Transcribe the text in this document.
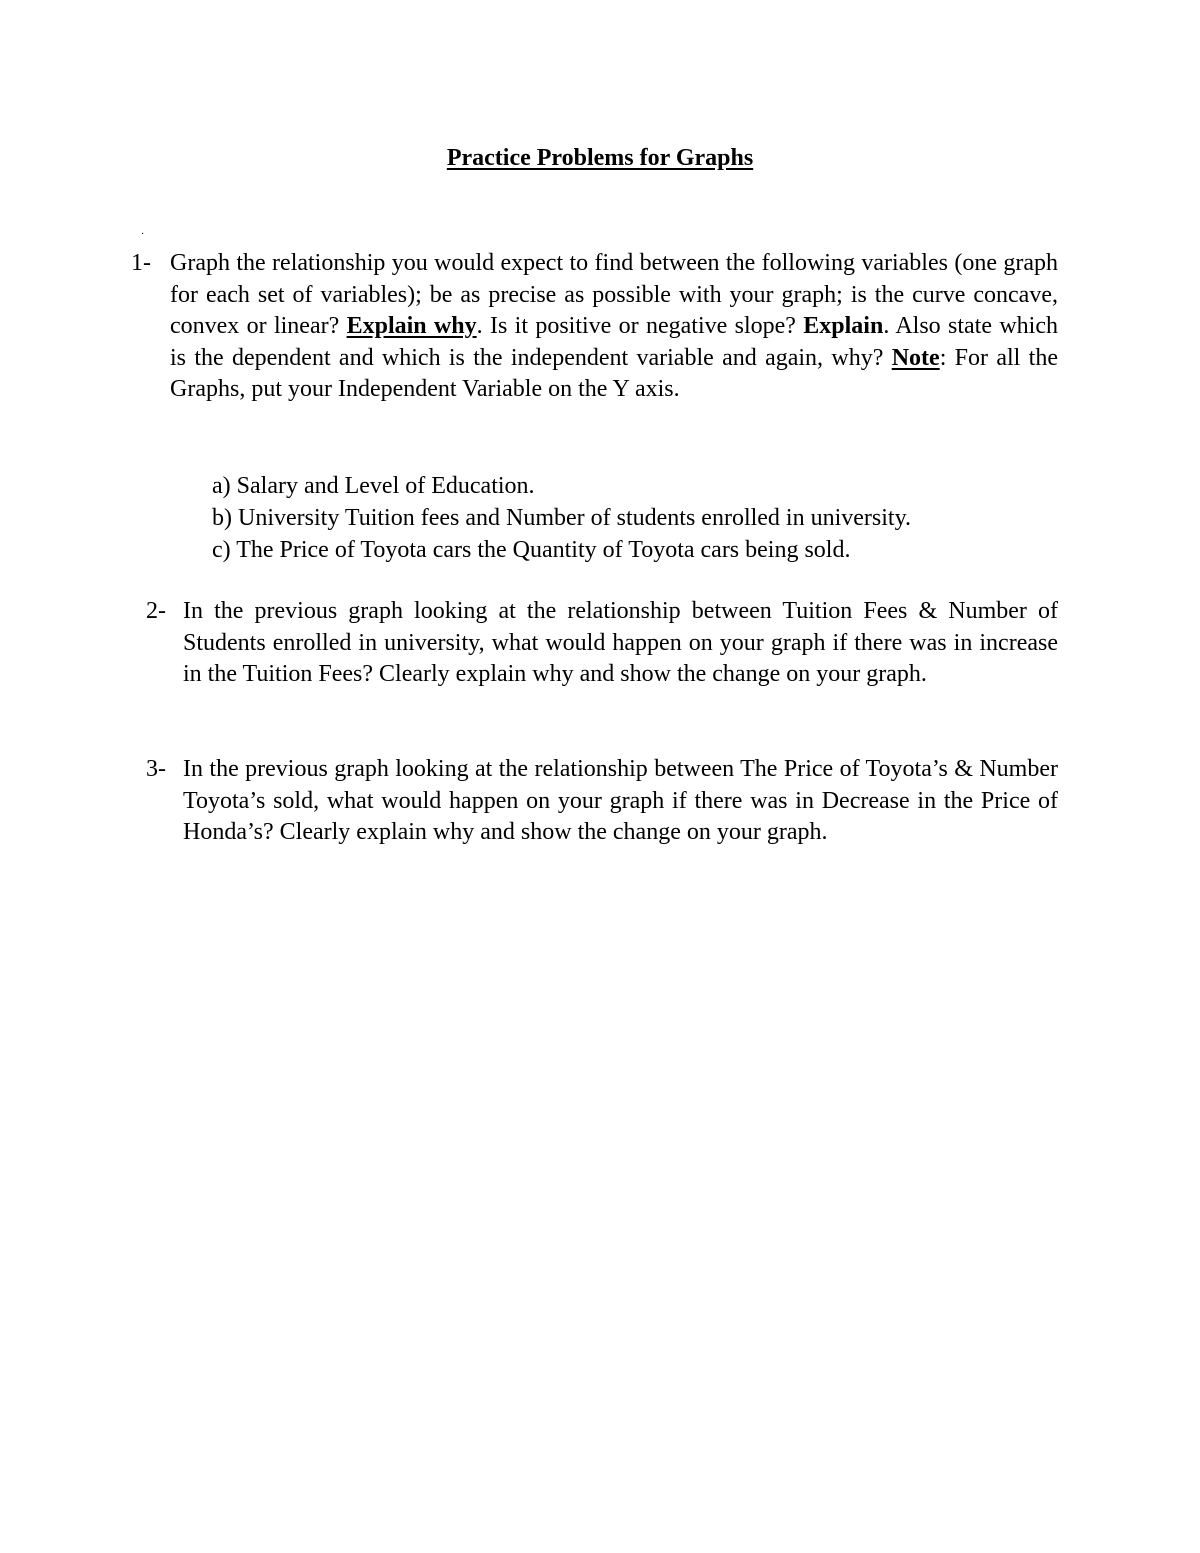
Practice Problems for Graphs
·
1- Graph the relationship you would expect to find between the following variables (one graph for each set of variables); be as precise as possible with your graph; is the curve concave, convex or linear? Explain why. Is it positive or negative slope? Explain. Also state which is the dependent and which is the independent variable and again, why? Note: For all the Graphs, put your Independent Variable on the Y axis.
a) Salary and Level of Education.
b) University Tuition fees and Number of students enrolled in university.
c) The Price of Toyota cars the Quantity of Toyota cars being sold.
2- In the previous graph looking at the relationship between Tuition Fees & Number of Students enrolled in university, what would happen on your graph if there was in increase in the Tuition Fees? Clearly explain why and show the change on your graph.
3- In the previous graph looking at the relationship between The Price of Toyota’s & Number Toyota’s sold, what would happen on your graph if there was in Decrease in the Price of Honda’s? Clearly explain why and show the change on your graph.
